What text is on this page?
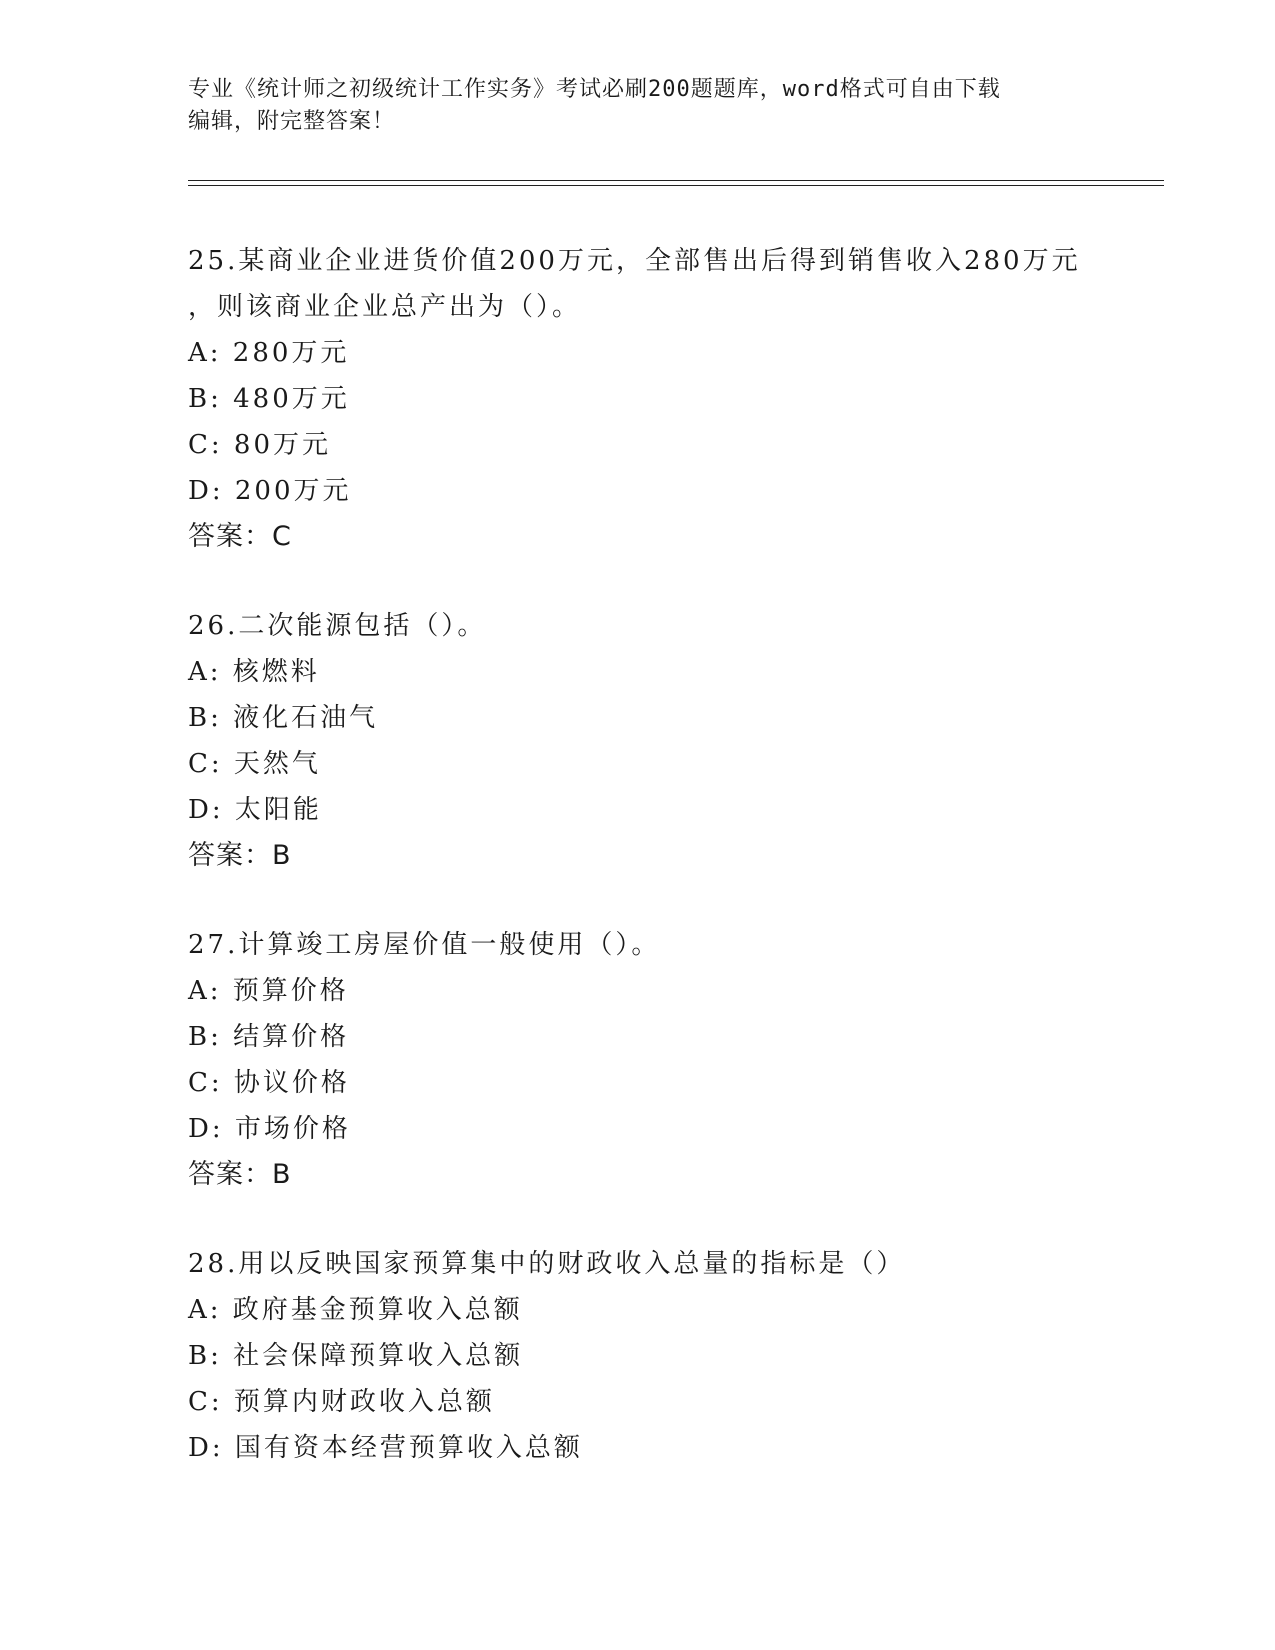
专业《统计师之初级统计工作实务》考试必刷200题题库，word格式可自由下载
编辑，附完整答案！
25.某商业企业进货价值200万元，全部售出后得到销售收入280万元
，则该商业企业总产出为（）。
A: 280万元
B: 480万元
C: 80万元
D: 200万元
答案：C
26.二次能源包括（）。
A: 核燃料
B: 液化石油气
C: 天然气
D: 太阳能
答案：B
27.计算竣工房屋价值一般使用（）。
A: 预算价格
B: 结算价格
C: 协议价格
D: 市场价格
答案：B
28.用以反映国家预算集中的财政收入总量的指标是（）
A: 政府基金预算收入总额
B: 社会保障预算收入总额
C: 预算内财政收入总额
D: 国有资本经营预算收入总额
